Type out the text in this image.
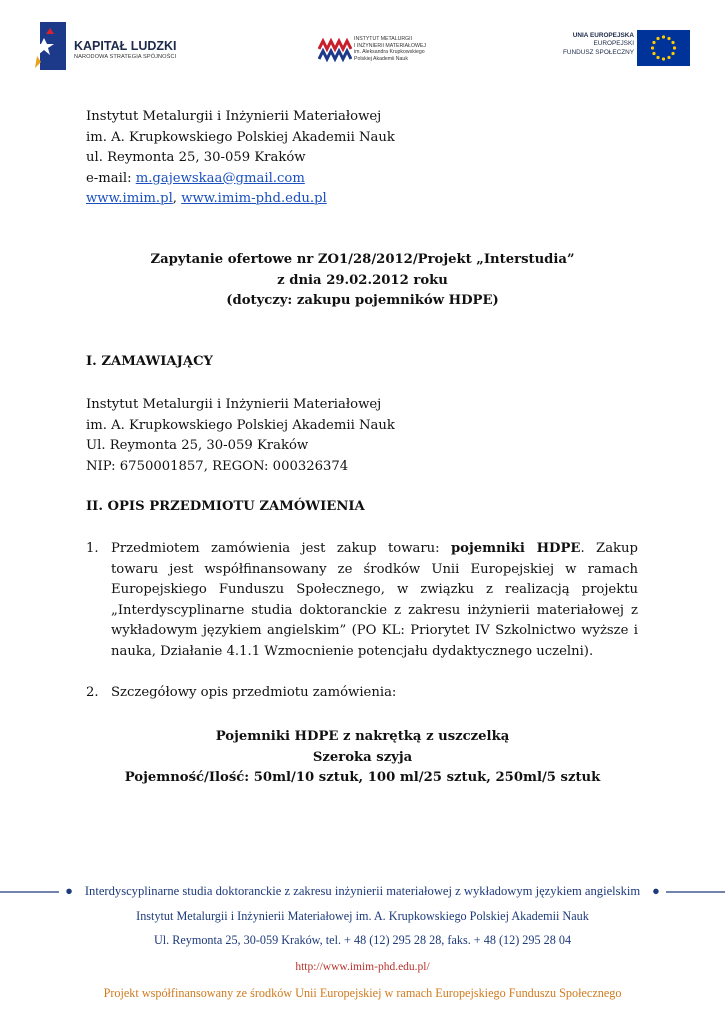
KAPITAŁ LUDZKI
NARODOWA STRATEGIA SPÓJNOŚCI
INSTYTUT METALURGII
I INŻYNIERII MATERIAŁOWEJ
im. Aleksandra Krupkowskiego
Polskiej Akademii Nauk
UNIA EUROPEJSKA
EUROPEJSKI
FUNDUSZ SPOŁECZNY
Instytut Metalurgii i Inżynierii Materiałowej
im. A. Krupkowskiego Polskiej Akademii Nauk
ul. Reymonta 25, 30-059 Kraków
e-mail: m.gajewskaa@gmail.com
www.imim.pl, www.imim-phd.edu.pl
Zapytanie ofertowe nr ZO1/28/2012/Projekt „Interstudia”
z dnia 29.02.2012 roku
(dotyczy: zakupu pojemników HDPE)
I. ZAMAWIAJĄCY
Instytut Metalurgii i Inżynierii Materiałowej
im. A. Krupkowskiego Polskiej Akademii Nauk
Ul. Reymonta 25, 30-059 Kraków
NIP: 6750001857, REGON: 000326374
II. OPIS PRZEDMIOTU ZAMÓWIENIA
1. Przedmiotem zamówienia jest zakup towaru: pojemniki HDPE. Zakup towaru jest współfinansowany ze środków Unii Europejskiej w ramach Europejskiego Funduszu Społecznego, w związku z realizacją projektu „Interdyscyplinarne studia doktoranckie z zakresu inżynierii materiałowej z wykładowym językiem angielskim” (PO KL: Priorytet IV Szkolnictwo wyższe i nauka, Działanie 4.1.1 Wzmocnienie potencjału dydaktycznego uczelni).
2. Szczegółowy opis przedmiotu zamówienia:
Pojemniki HDPE z nakrętką z uszczelką
Szeroka szyja
Pojemność/Ilość: 50ml/10 sztuk, 100 ml/25 sztuk, 250ml/5 sztuk
● Interdyscyplinarne studia doktoranckie z zakresu inżynierii materiałowej z wykładowym językiem angielskim ●
Instytut Metalurgii i Inżynierii Materiałowej im. A. Krupkowskiego Polskiej Akademii Nauk
Ul. Reymonta 25, 30-059 Kraków, tel. + 48 (12) 295 28 28, faks. + 48 (12) 295 28 04
http://www.imim-phd.edu.pl/
Projekt współfinansowany ze środków Unii Europejskiej w ramach Europejskiego Funduszu Społecznego
